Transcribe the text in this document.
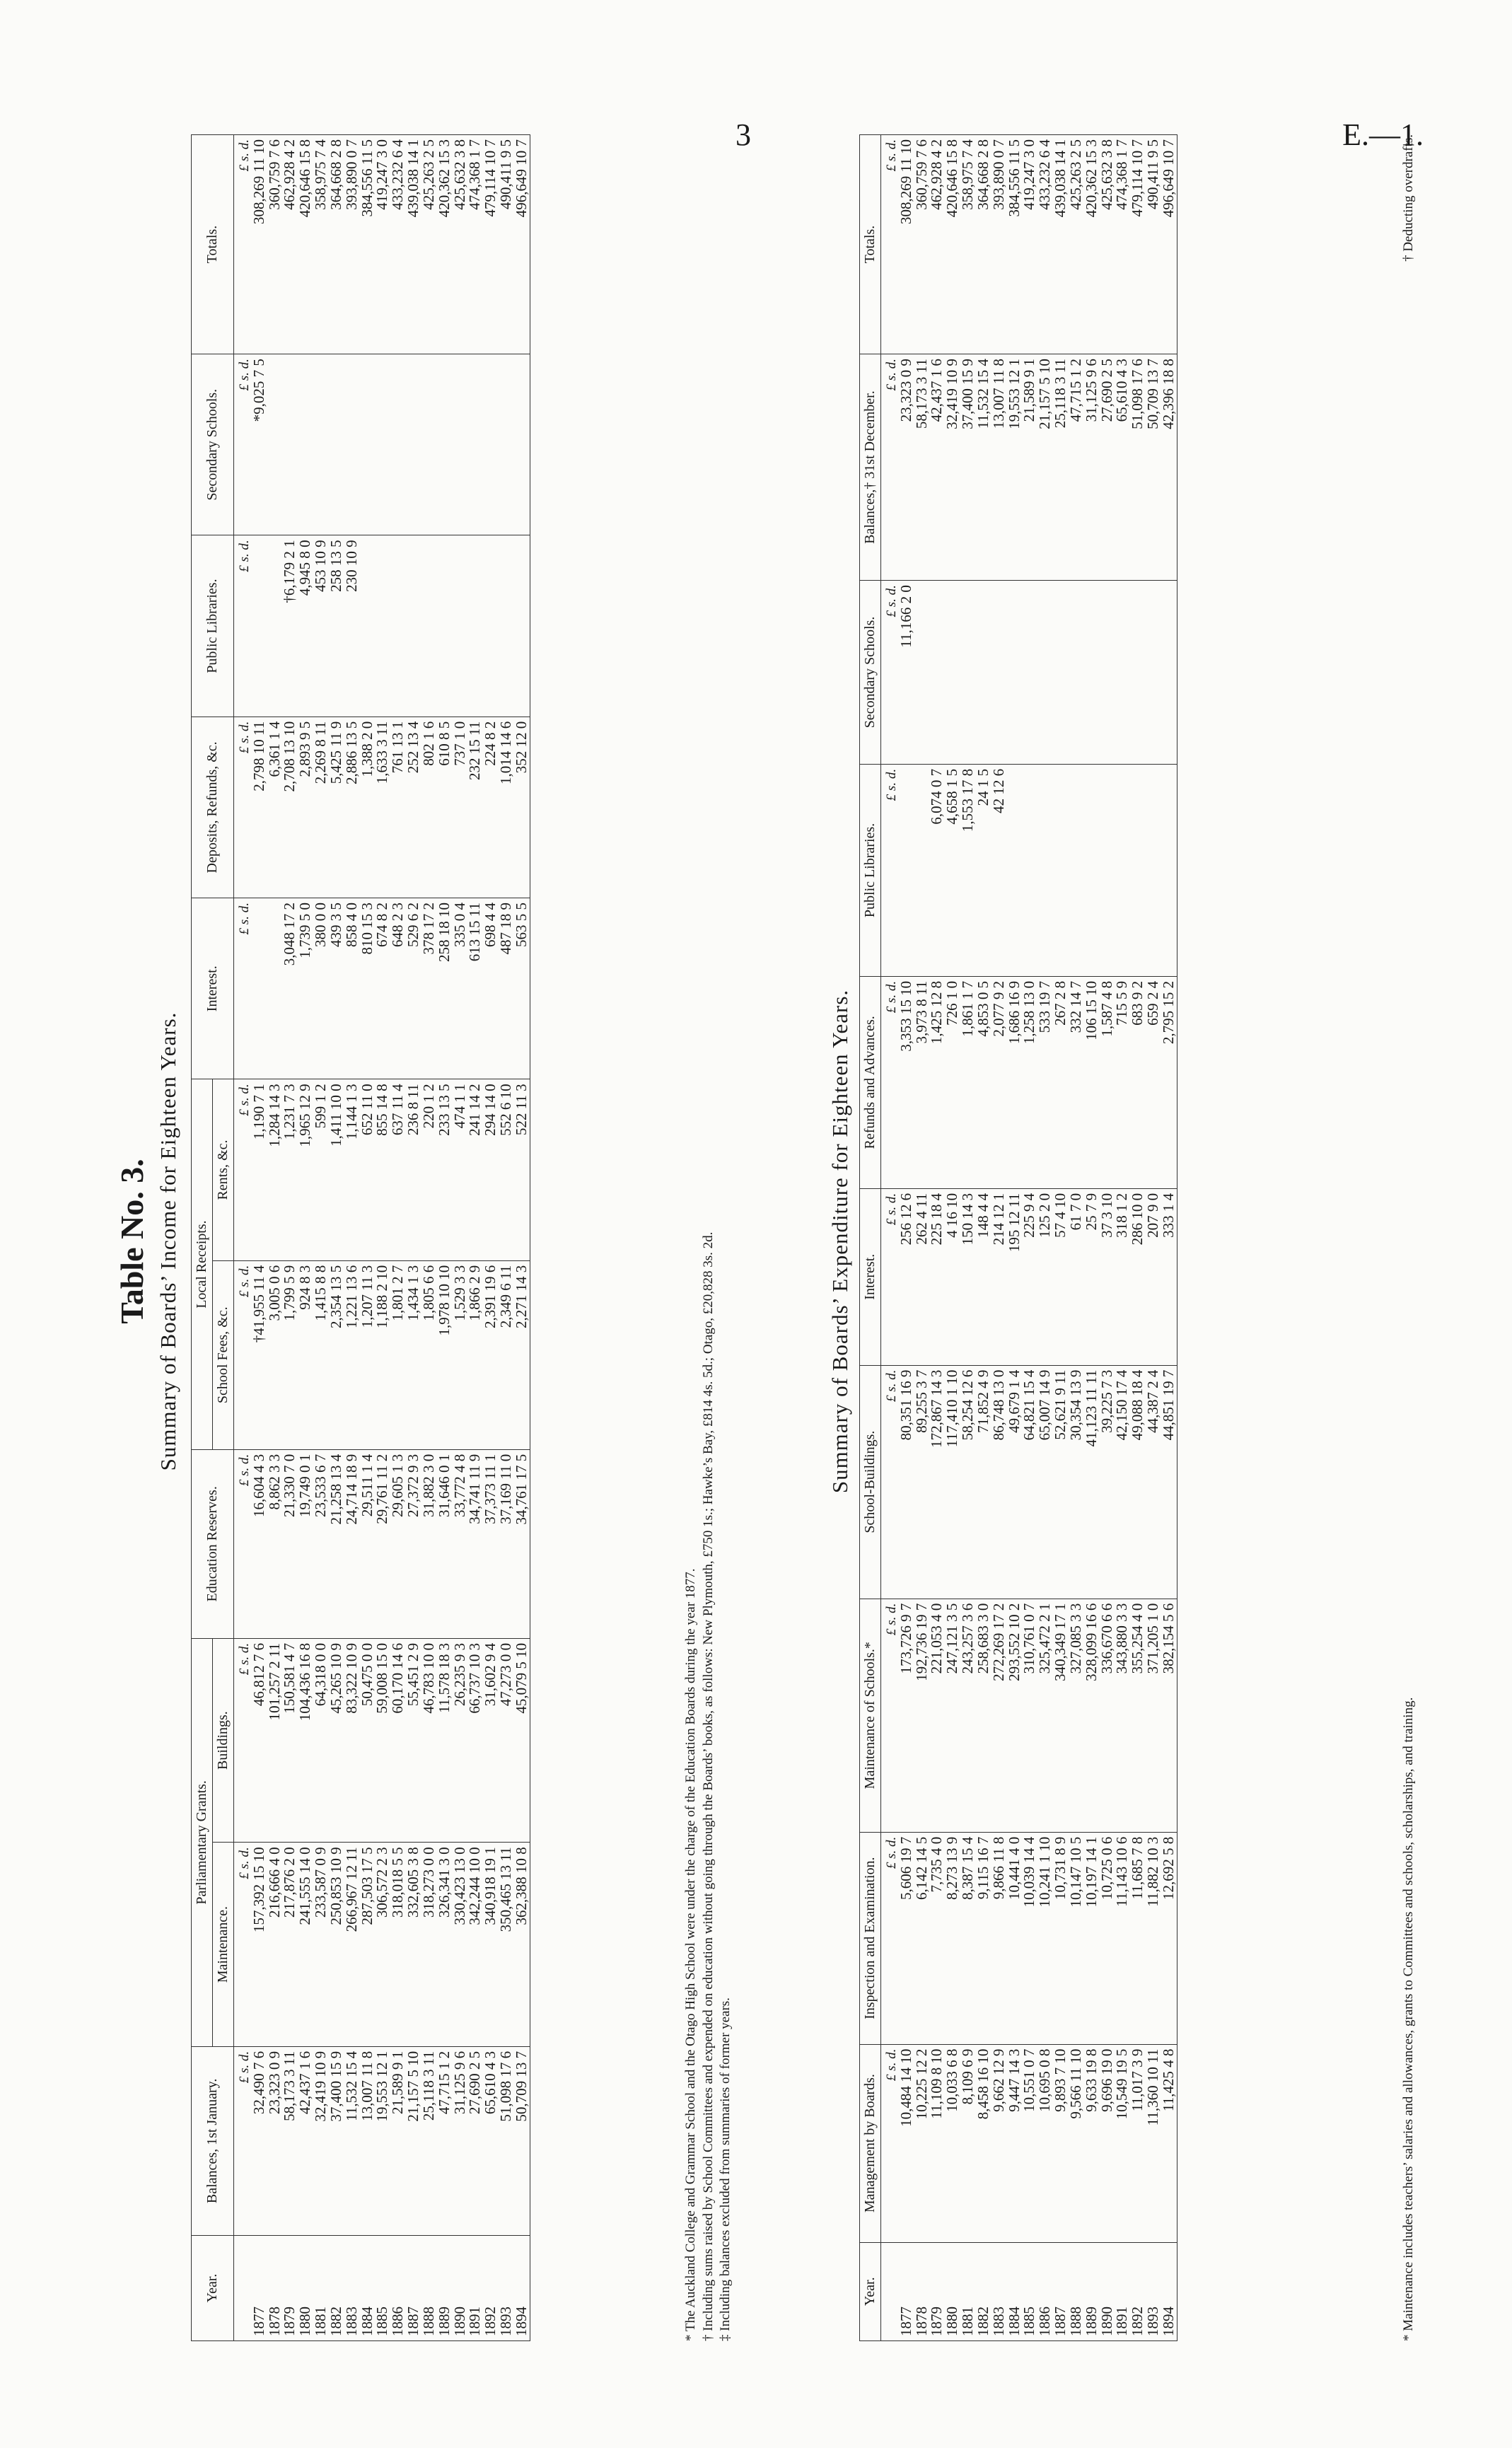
3	E.—1.
Table No. 3. Summary of Boards’ Income for Eighteen Years.
Year.	Balances, 1st January.	Parliamentary Grants.		Education Reserves.	Local Receipts.		Interest.	Deposits, Refunds, &c.	Public Libraries.	Secondary Schools.	Totals.
		Maintenance.	Buildings.		School Fees, &c.	Rents, &c.					
	£ s. d.	£ s. d.	£ s. d.	£ s. d.	£ s. d.	£ s. d.	£ s. d.	£ s. d.	£ s. d.	£ s. d.	£ s. d.
1877	32,490 7 6	157,392 15 10	46,812 7 6	16,604 4 3	†41,955 11 4	1,190 7 1		2,798 10 11		*9,025 7 5	308,269 11 10
1878	23,323 0 9	216,666 4 0	101,257 2 11	8,862 3 3	3,005 0 6	1,284 14 3		6,361 1 4			360,759 7 6
1879	58,173 3 11	217,876 2 0	150,581 4 7	21,330 7 0	1,799 5 9	1,231 7 3	3,048 17 2	2,708 13 10	†6,179 2 1		462,928 4 2
1880	42,437 1 6	241,555 14 0	104,436 16 8	19,749 0 1	924 8 3	1,965 12 9	1,739 5 0	2,893 9 5	4,945 8 0		420,646 15 8
1881	32,419 10 9	233,587 0 9	64,318 0 0	23,533 6 7	1,415 8 8	599 1 2	380 0 0	2,269 8 11	453 10 9		358,975 7 4
1882	37,400 15 9	250,853 10 9	45,265 10 9	21,258 13 4	2,354 13 5	1,411 10 0	439 3 5	5,425 11 9	258 13 5		364,668 2 8
1883	11,532 15 4	266,967 12 11	83,322 10 9	24,714 18 9	1,221 13 6	1,144 1 3	858 4 0	2,886 13 5	230 10 9		393,890 0 7
1884	13,007 11 8	287,503 17 5	50,475 0 0	29,511 1 4	1,207 11 3	652 11 0	810 15 3	1,388 2 0			384,556 11 5
1885	19,553 12 1	306,572 2 3	59,008 15 0	29,761 11 2	1,188 2 10	855 14 8	674 8 2	1,633 3 11			419,247 3 0
1886	21,589 9 1	318,018 5 5	60,170 14 6	29,605 1 3	1,801 2 7	637 11 4	648 2 3	761 13 1			433,232 6 4
1887	21,157 5 10	332,605 3 8	55,451 2 9	27,372 9 3	1,434 1 3	236 8 11	529 6 2	252 13 4			439,038 14 1
1888	25,118 3 11	318,273 0 0	46,783 10 0	31,882 3 0	1,805 6 6	220 1 2	378 17 2	802 1 6			425,263 2 5
1889	47,715 1 2	326,341 3 0	11,578 18 3	31,646 0 1	1,978 10 10	233 13 5	258 18 10	610 8 5			420,362 15 3
1890	31,125 9 6	330,423 13 0	26,235 9 3	33,772 4 8	1,529 3 3	474 1 1	335 0 4	737 1 0			425,632 3 8
1891	27,690 2 5	342,244 10 0	66,737 10 3	34,741 11 9	1,866 2 9	241 14 2	613 15 11	232 15 11			474,368 1 7
1892	65,610 4 3	340,918 19 1	31,602 9 4	37,373 11 1	2,391 19 6	294 14 0	698 4 4	224 8 2			479,114 10 7
1893	51,098 17 6	350,465 13 11	47,273 0 0	37,169 11 0	2,349 6 11	552 6 10	487 18 9	1,014 14 6			490,411 9 5
1894	50,709 13 7	362,388 10 8	45,079 5 10	34,761 17 5	2,271 14 3	522 11 3	563 5 5	352 12 0			496,649 10 7
* The Auckland College and Grammar School and the Otago High School were under the charge of the Education Boards during the year 1877. † Including sums raised by School Committees and expended on education without going through the Boards’ books, as follows: New Plymouth, £750 1s.; Hawke’s Bay, £814 4s. 5d.; Otago, £20,828 3s. 2d. ‡ Including balances excluded from summaries of former years.
Summary of Boards’ Expenditure for Eighteen Years.
Year.	Management by Boards.	Inspection and Examination.	Maintenance of Schools.*	School-Buildings.	Interest.	Refunds and Advances.	Public Libraries.	Secondary Schools.	Balances,† 31st December.	Totals.
	£ s. d.	£ s. d.	£ s. d.	£ s. d.	£ s. d.	£ s. d.	£ s. d.	£ s. d.	£ s. d.	£ s. d.
1877	10,484 14 10	5,606 19 7	173,726 9 7	80,351 16 9	256 12 6	3,353 15 10		11,166 2 0	23,323 0 9	308,269 11 10
1878	10,225 12 2	6,142 14 5	192,736 19 7	89,255 3 7	262 4 11	3,973 8 11			58,173 3 11	360,759 7 6
1879	11,109 8 10	7,735 4 0	221,053 4 0	172,867 14 3	225 18 4	1,425 12 8	6,074 0 7		42,437 1 6	462,928 4 2
1880	10,033 6 8	8,273 13 9	247,121 3 5	117,410 1 10	4 16 10	726 1 0	4,658 1 5		32,419 10 9	420,646 15 8
1881	8,109 6 9	8,387 15 4	243,257 3 6	58,254 12 6	150 14 3	1,861 1 7	1,553 17 8		37,400 15 9	358,975 7 4
1882	8,458 16 10	9,115 16 7	258,683 3 0	71,852 4 9	148 4 4	4,853 0 5	24 1 5		11,532 15 4	364,668 2 8
1883	9,662 12 9	9,866 11 8	272,269 17 2	86,748 13 0	214 12 1	2,077 9 2	42 12 6		13,007 11 8	393,890 0 7
1884	9,447 14 3	10,441 4 0	293,552 10 2	49,679 1 4	195 12 11	1,686 16 9			19,553 12 1	384,556 11 5
1885	10,551 0 7	10,039 14 4	310,761 0 7	64,821 15 4	225 9 4	1,258 13 0			21,589 9 1	419,247 3 0
1886	10,695 0 8	10,241 1 10	325,472 2 1	65,007 14 9	125 2 0	533 19 7			21,157 5 10	433,232 6 4
1887	9,893 7 10	10,731 8 9	340,349 17 1	52,621 9 11	57 4 10	267 2 8			25,118 3 11	439,038 14 1
1888	9,566 11 10	10,147 10 5	327,085 3 3	30,354 13 9	61 7 0	332 14 7			47,715 1 2	425,263 2 5
1889	9,633 19 8	10,197 14 1	328,099 16 6	41,123 11 11	25 7 9	106 15 10			31,125 9 6	420,362 15 3
1890	9,696 19 0	10,725 0 6	336,670 6 6	39,225 7 3	37 3 10	1,587 4 8			27,690 2 5	425,632 3 8
1891	10,549 19 5	11,143 10 6	343,880 3 3	42,150 17 4	318 1 2	715 5 9			65,610 4 3	474,368 1 7
1892	11,017 3 9	11,685 7 8	355,254 4 0	49,088 18 4	286 10 0	683 9 2			51,098 17 6	479,114 10 7
1893	11,360 10 11	11,882 10 3	371,205 1 0	44,387 2 4	207 9 0	659 2 4			50,709 13 7	490,411 9 5
1894	11,425 4 8	12,692 5 8	382,154 5 6	44,851 19 7	333 1 4	2,795 15 2			42,396 18 8	496,649 10 7
* Maintenance includes teachers’ salaries and allowances, grants to Committees and schools, scholarships, and training.
† Deducting overdrafts.
